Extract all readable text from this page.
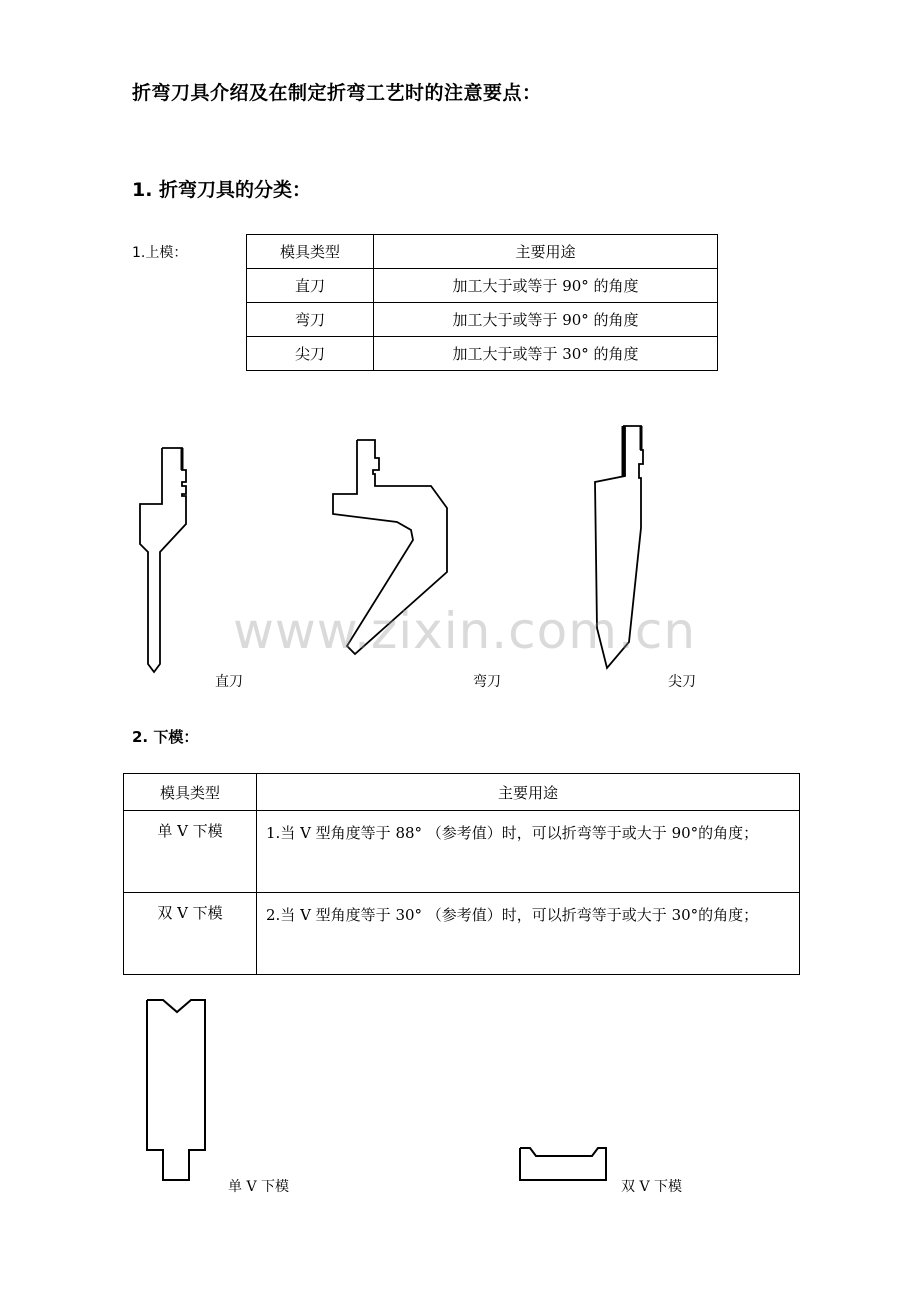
折弯刀具介绍及在制定折弯工艺时的注意要点：
1. 折弯刀具的分类：
1.上模：	模具类型	主要用途
直刀	加工大于或等于 90° 的角度
弯刀	加工大于或等于 90° 的角度
尖刀	加工大于或等于 30° 的角度
直刀	弯刀	尖刀
www.zixin.com.cn
2. 下模：
模具类型	主要用途
单 V 下模	1.当 V 型角度等于 88° （参考值）时，可以折弯等于或大于 90°的角度；
双 V 下模	2.当 V 型角度等于 30° （参考值）时，可以折弯等于或大于 30°的角度；
单 V 下模	双 V 下模
